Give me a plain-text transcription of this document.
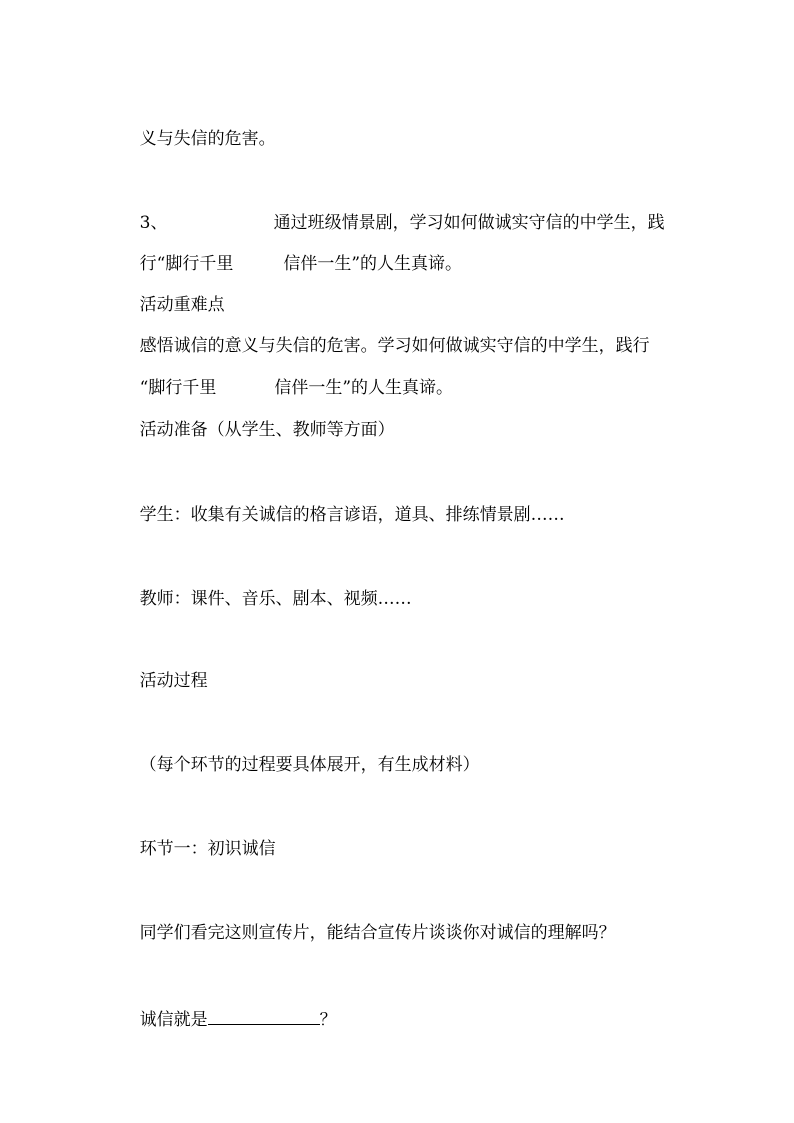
义与失信的危害。

3、	通过班级情景剧，学习如何做诚实守信的中学生，践

行“脚行千里	信伴一生”的人生真谛。

活动重难点

感悟诚信的意义与失信的危害。学习如何做诚实守信的中学生，践行

“脚行千里	信伴一生”的人生真谛。

活动准备（从学生、教师等方面）

学生：收集有关诚信的格言谚语，道具、排练情景剧……

教师：课件、音乐、剧本、视频……

活动过程

（每个环节的过程要具体展开，有生成材料）

环节一：初识诚信

同学们看完这则宣传片，能结合宣传片谈谈你对诚信的理解吗？

诚信就是	？
